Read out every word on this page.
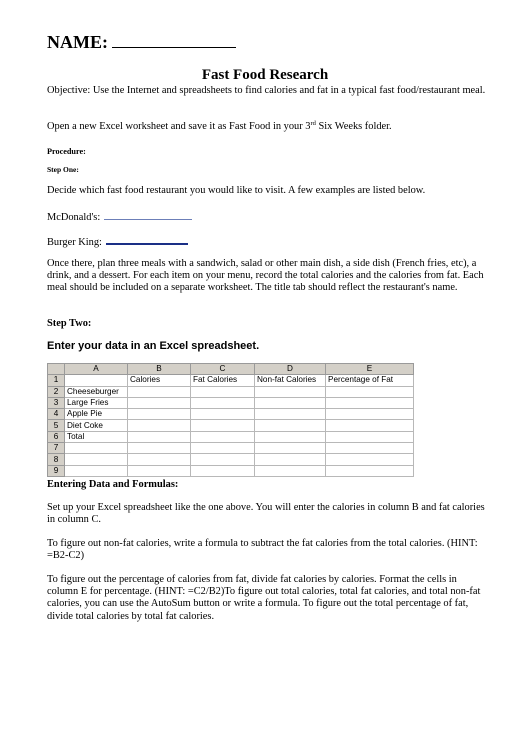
NAME:
Fast Food Research
Objective: Use the Internet and spreadsheets to find calories and fat in a typical fast food/restaurant meal.
Open a new Excel worksheet and save it as Fast Food in your 3rd Six Weeks folder.
Procedure:
Step One:
Decide which fast food restaurant you would like to visit. A few examples are listed below.
McDonald's:
Burger King:
Once there, plan three meals with a sandwich, salad or other main dish, a side dish (French fries, etc), a drink, and a dessert. For each item on your menu, record the total calories and the calories from fat. Each meal should be included on a separate worksheet. The title tab should reflect the restaurant's name.
Step Two:
Enter your data in an Excel spreadsheet.
	A	B	C	D	E
1		Calories	Fat Calories	Non-fat Calories	Percentage of Fat
2	Cheeseburger				
3	Large Fries				
4	Apple Pie				
5	Diet Coke				
6	Total				
7					
8					
9					
Entering Data and Formulas:
Set up your Excel spreadsheet like the one above. You will enter the calories in column B and fat calories in column C.
To figure out non-fat calories, write a formula to subtract the fat calories from the total calories. (HINT: =B2-C2)
To figure out the percentage of calories from fat, divide fat calories by calories. Format the cells in column E for percentage. (HINT: =C2/B2)To figure out total calories, total fat calories, and total non-fat calories, you can use the AutoSum button or write a formula. To figure out the total percentage of fat, divide total calories by total fat calories.
